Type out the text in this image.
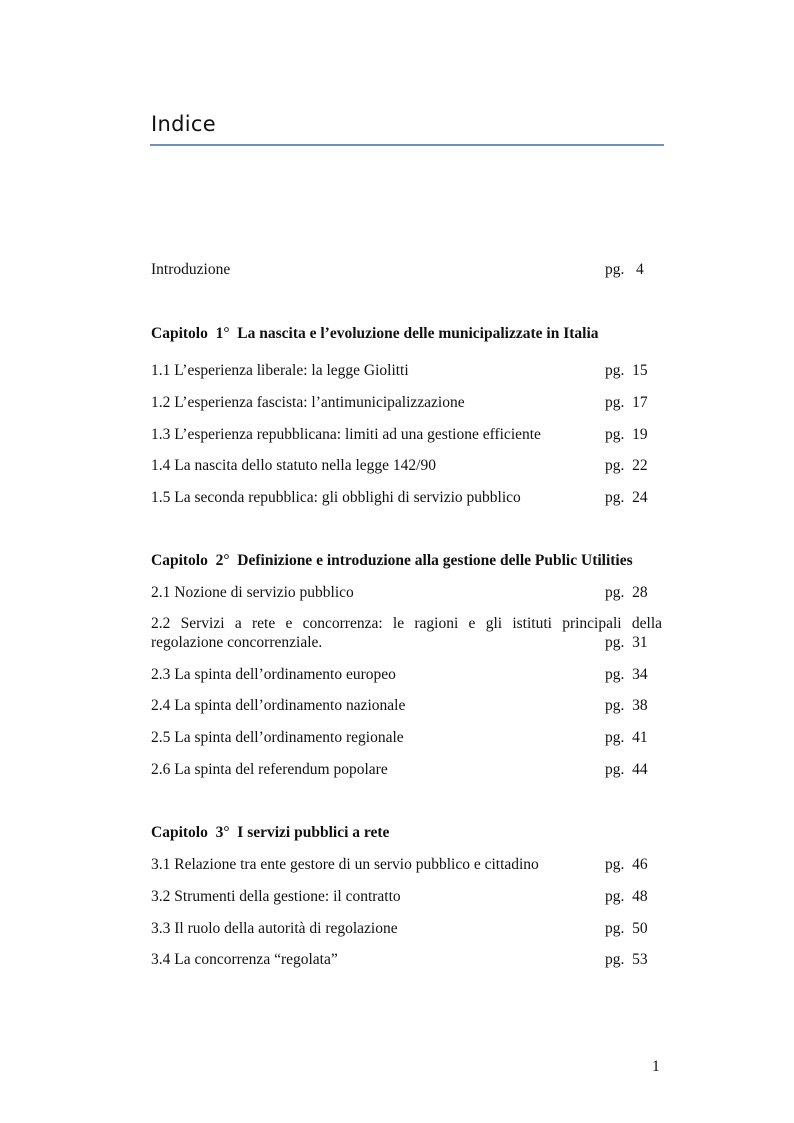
Indice
Introduzione	pg.   4
Capitolo  1°  La nascita e l’evoluzione delle municipalizzate in Italia
1.1 L’esperienza liberale: la legge Giolitti	pg.  15
1.2 L’esperienza fascista: l’antimunicipalizzazione	pg.  17
1.3 L’esperienza repubblicana: limiti ad una gestione efficiente	pg.  19
1.4 La nascita dello statuto nella legge 142/90	pg.  22
1.5 La seconda repubblica: gli obblighi di servizio pubblico	pg.  24
Capitolo  2°  Definizione e introduzione alla gestione delle Public Utilities
2.1 Nozione di servizio pubblico	pg.  28
2.2 Servizi a rete e concorrenza: le ragioni e gli istituti principali della
regolazione concorrenziale.	pg.  31
2.3 La spinta dell’ordinamento europeo	pg.  34
2.4 La spinta dell’ordinamento nazionale	pg.  38
2.5 La spinta dell’ordinamento regionale	pg.  41
2.6 La spinta del referendum popolare	pg.  44
Capitolo  3°  I servizi pubblici a rete
3.1 Relazione tra ente gestore di un servio pubblico e cittadino	pg.  46
3.2 Strumenti della gestione: il contratto	pg.  48
3.3 Il ruolo della autorità di regolazione	pg.  50
3.4 La concorrenza “regolata”	pg.  53
1
